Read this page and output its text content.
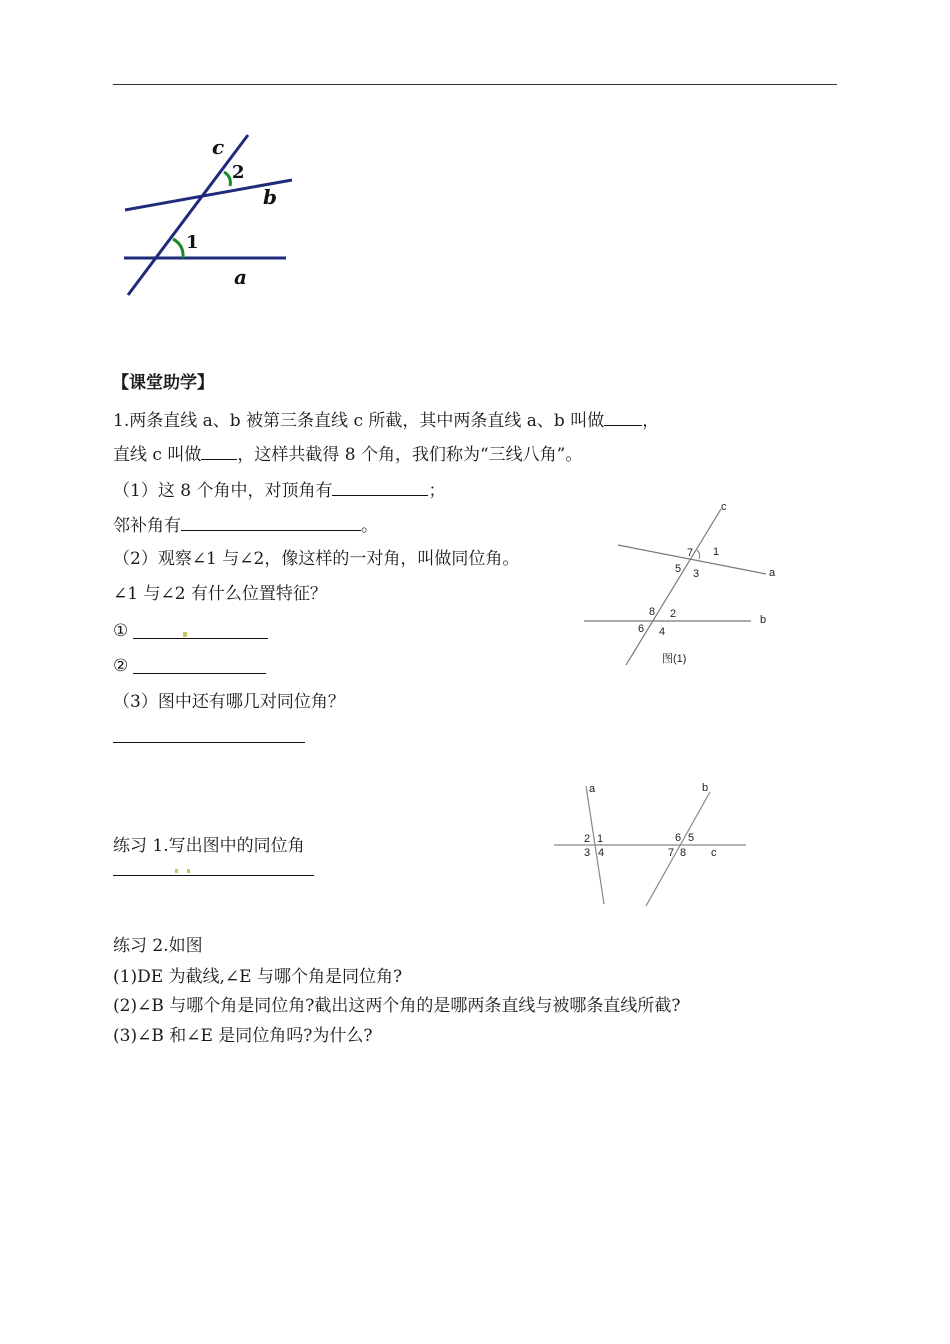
c
2
b
1
a
【课堂助学】
1.两条直线 a、b 被第三条直线 c 所截，其中两条直线 a、b 叫做 ，
直线 c 叫做 ，这样共截得 8 个角，我们称为“三线八角”。
（1）这 8 个角中，对顶角有	；
邻补角有	。
（2）观察∠1 与∠2，像这样的一对角，叫做同位角。
∠1 与∠2 有什么位置特征？
①
②
（3）图中还有哪几对同位角？
c
a
b
7 1
5 3
8 2
6 4
图(1)
a	b
c
2 1
3 4
6 5
7 8
练习 1.写出图中的同位角
练习 2.如图
(1)DE 为截线,∠E 与哪个角是同位角?
(2)∠B 与哪个角是同位角?截出这两个角的是哪两条直线与被哪条直线所截?
(3)∠B 和∠E 是同位角吗?为什么?
